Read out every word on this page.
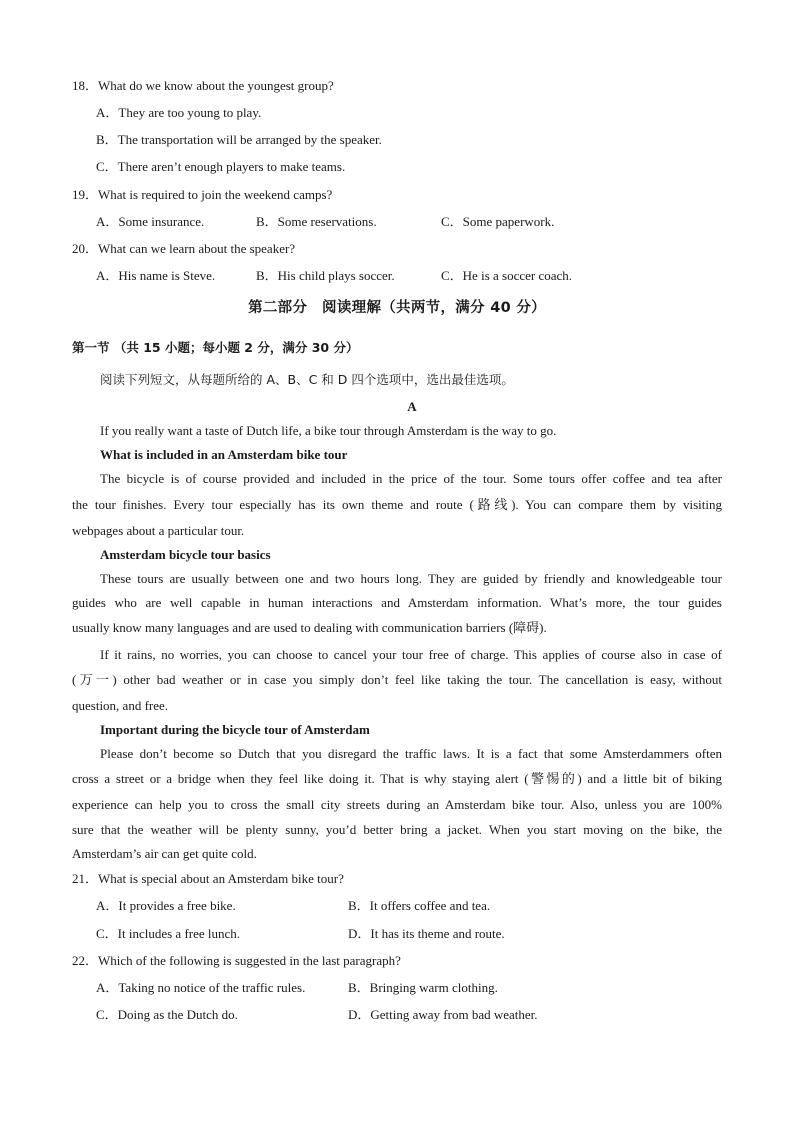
18．What do we know about the youngest group?
A．They are too young to play.
B．The transportation will be arranged by the speaker.
C．There aren’t enough players to make teams.
19．What is required to join the weekend camps?
A．Some insurance.	B．Some reservations.	C．Some paperwork.
20．What can we learn about the speaker?
A．His name is Steve.	B．His child plays soccer.	C．He is a soccer coach.
第二部分　阅读理解（共两节，满分 40 分）
第一节 （共 15 小题；每小题 2 分，满分 30 分）
阅读下列短文，从每题所给的 A、B、C 和 D 四个选项中，选出最佳选项。
A
If you really want a taste of Dutch life, a bike tour through Amsterdam is the way to go.
What is included in an Amsterdam bike tour
The bicycle is of course provided and included in the price of the tour. Some tours offer coffee and tea after
the tour finishes. Every tour especially has its own theme and route (路线). You can compare them by visiting
webpages about a particular tour.
Amsterdam bicycle tour basics
These tours are usually between one and two hours long. They are guided by friendly and knowledgeable tour
guides who are well capable in human interactions and Amsterdam information. What’s more, the tour guides
usually know many languages and are used to dealing with communication barriers (障碍).
If it rains, no worries, you can choose to cancel your tour free of charge. This applies of course also in case of
(万一) other bad weather or in case you simply don’t feel like taking the tour. The cancellation is easy, without
question, and free.
Important during the bicycle tour of Amsterdam
Please don’t become so Dutch that you disregard the traffic laws. It is a fact that some Amsterdammers often
cross a street or a bridge when they feel like doing it. That is why staying alert (警惕的) and a little bit of biking
experience can help you to cross the small city streets during an Amsterdam bike tour. Also, unless you are 100%
sure that the weather will be plenty sunny, you’d better bring a jacket. When you start moving on the bike, the
Amsterdam’s air can get quite cold.
21．What is special about an Amsterdam bike tour?
A．It provides a free bike.	B．It offers coffee and tea.
C．It includes a free lunch.	D．It has its theme and route.
22．Which of the following is suggested in the last paragraph?
A．Taking no notice of the traffic rules.	B．Bringing warm clothing.
C．Doing as the Dutch do.	D．Getting away from bad weather.
